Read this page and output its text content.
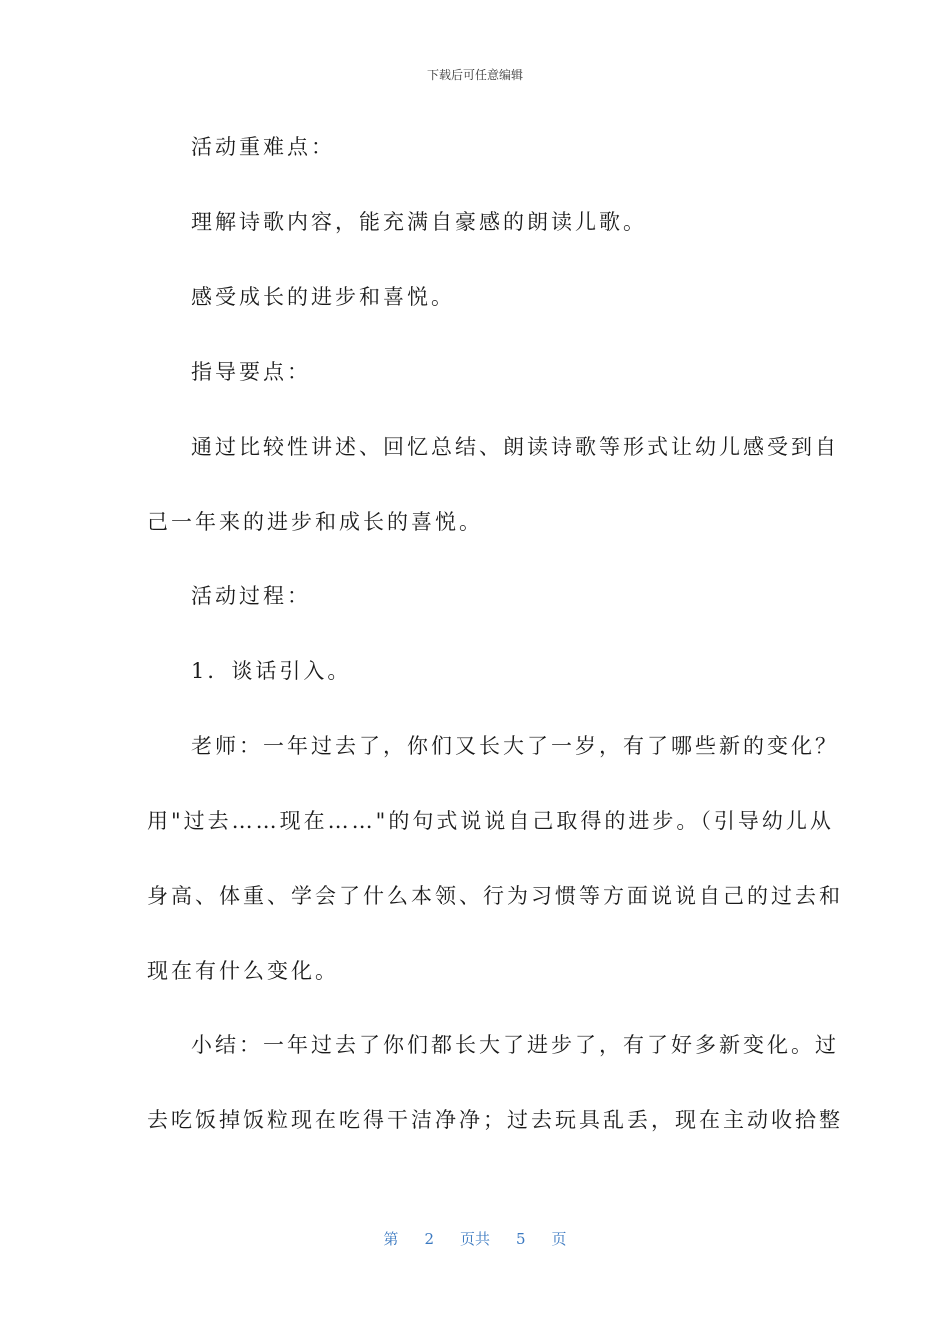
下载后可任意编辑
活动重难点：
理解诗歌内容，能充满自豪感的朗读儿歌。
感受成长的进步和喜悦。
指导要点：
通过比较性讲述、回忆总结、朗读诗歌等形式让幼儿感受到自
己一年来的进步和成长的喜悦。
活动过程：
1．谈话引入。
老师：一年过去了，你们又长大了一岁，有了哪些新的变化？
用"过去……现在……"的句式说说自己取得的进步。（引导幼儿从
身高、体重、学会了什么本领、行为习惯等方面说说自己的过去和
现在有什么变化。
小结：一年过去了你们都长大了进步了，有了好多新变化。过
去吃饭掉饭粒现在吃得干洁净净；过去玩具乱丢，现在主动收拾整
第 2 页共 5 页
